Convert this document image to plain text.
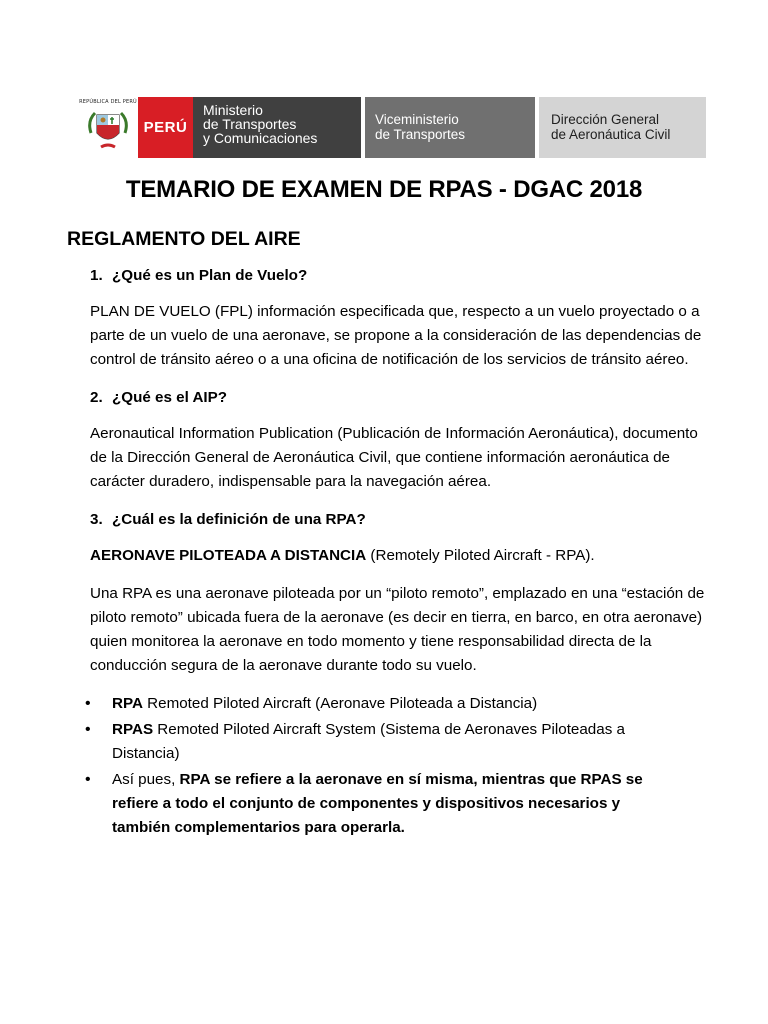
REPÚBLICA DEL PERÚ
PERÚ
Ministerio
de Transportes
y Comunicaciones
Viceministerio
de Transportes
Dirección General
de Aeronáutica Civil
TEMARIO DE EXAMEN DE RPAS - DGAC 2018
REGLAMENTO DEL AIRE

1. ¿Qué es un Plan de Vuelo?

PLAN DE VUELO (FPL) información especificada que, respecto a un vuelo proyectado o a parte de un vuelo de una aeronave, se propone a la consideración de las dependencias de control de tránsito aéreo o a una oficina de notificación de los servicios de tránsito aéreo.

2. ¿Qué es el AIP?

Aeronautical Information Publication (Publicación de Información Aeronáutica), documento de la Dirección General de Aeronáutica Civil, que contiene información aeronáutica de carácter duradero, indispensable para la navegación aérea.

3. ¿Cuál es la definición de una RPA?

AERONAVE PILOTEADA A DISTANCIA (Remotely Piloted Aircraft - RPA).

Una RPA es una aeronave piloteada por un “piloto remoto”, emplazado en una “estación de piloto remoto” ubicada fuera de la aeronave (es decir en tierra, en barco, en otra aeronave) quien monitorea la aeronave en todo momento y tiene responsabilidad directa de la conducción segura de la aeronave durante todo su vuelo.

• RPA Remoted Piloted Aircraft (Aeronave Piloteada a Distancia)
• RPAS Remoted Piloted Aircraft System (Sistema de Aeronaves Piloteadas a Distancia)
• Así pues, RPA se refiere a la aeronave en sí misma, mientras que RPAS se refiere a todo el conjunto de componentes y dispositivos necesarios y también complementarios para operarla.
